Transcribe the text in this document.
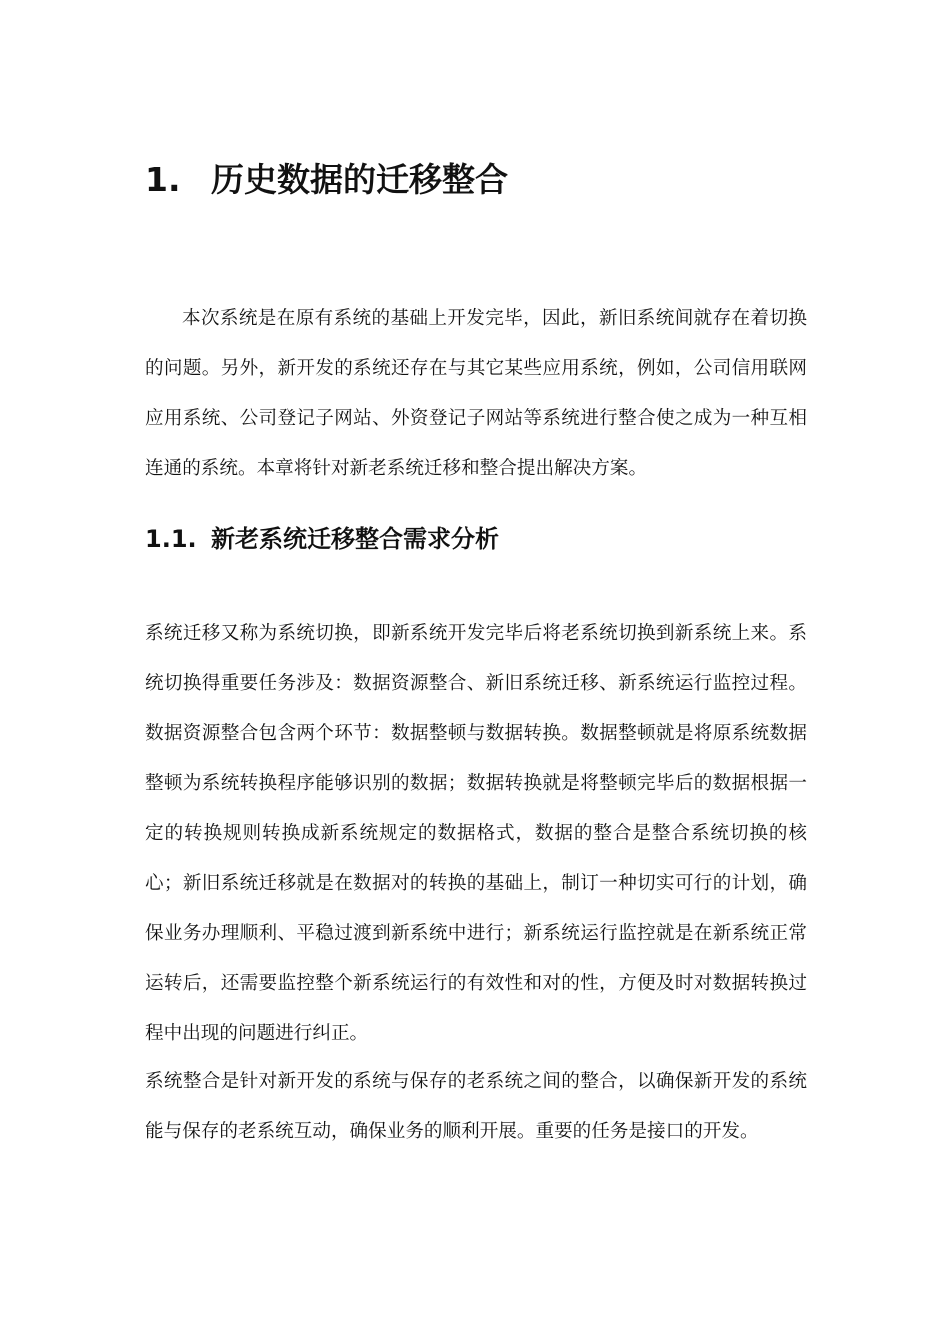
1. 历史数据的迁移整合

本次系统是在原有系统的基础上开发完毕，因此，新旧系统间就存在着切换的问题。另外，新开发的系统还存在与其它某些应用系统，例如，公司信用联网应用系统、公司登记子网站、外资登记子网站等系统进行整合使之成为一种互相连通的系统。本章将针对新老系统迁移和整合提出解决方案。

1.1. 新老系统迁移整合需求分析

系统迁移又称为系统切换，即新系统开发完毕后将老系统切换到新系统上来。系统切换得重要任务涉及：数据资源整合、新旧系统迁移、新系统运行监控过程。数据资源整合包含两个环节：数据整顿与数据转换。数据整顿就是将原系统数据整顿为系统转换程序能够识别的数据；数据转换就是将整顿完毕后的数据根据一定的转换规则转换成新系统规定的数据格式，数据的整合是整合系统切换的核心；新旧系统迁移就是在数据对的转换的基础上，制订一种切实可行的计划，确保业务办理顺利、平稳过渡到新系统中进行；新系统运行监控就是在新系统正常运转后，还需要监控整个新系统运行的有效性和对的性，方便及时对数据转换过程中出现的问题进行纠正。

系统整合是针对新开发的系统与保存的老系统之间的整合，以确保新开发的系统能与保存的老系统互动，确保业务的顺利开展。重要的任务是接口的开发。
